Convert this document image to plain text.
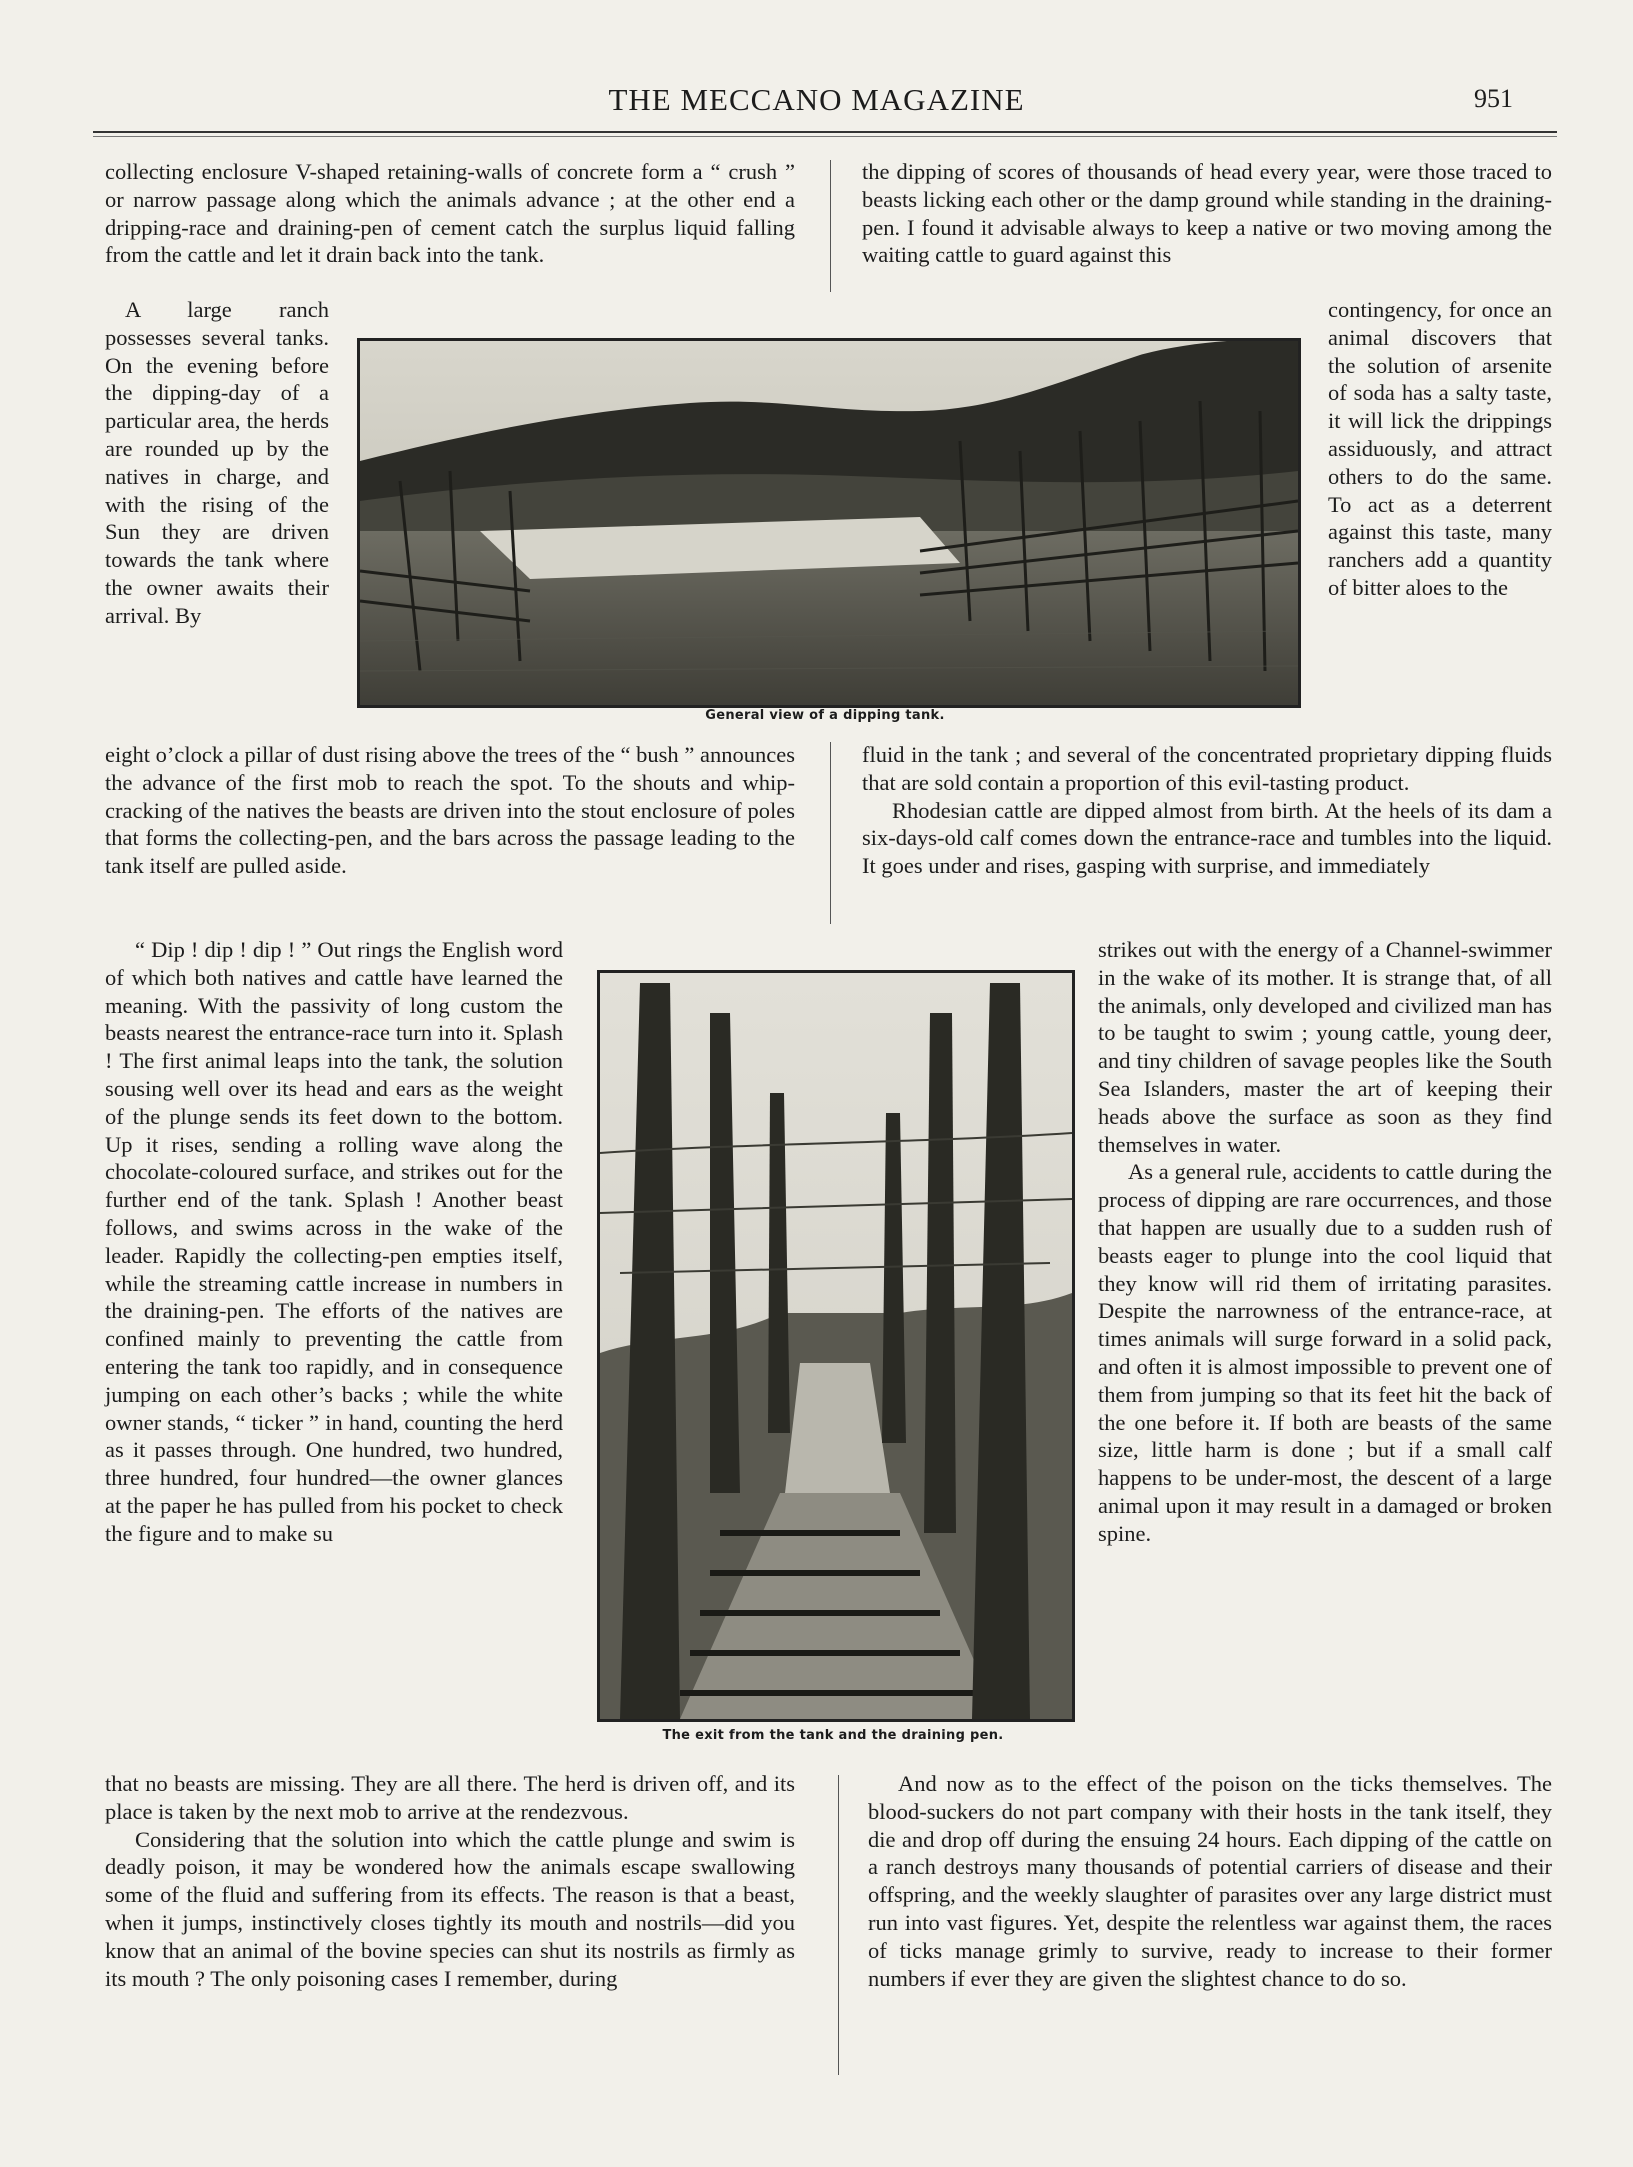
THE MECCANO MAGAZINE	951

collecting enclosure V-shaped retaining-walls of concrete form a “ crush ” or narrow passage along which the animals advance ; at the other end a dripping-race and draining-pen of cement catch the surplus liquid falling from the cattle and let it drain back into the tank.

the dipping of scores of thousands of head every year, were those traced to beasts licking each other or the damp ground while standing in the draining-pen. I found it advisable always to keep a native or two moving among the waiting cattle to guard against this

A large ranch possesses several tanks. On the evening before the dipping-day of a particular area, the herds are rounded up by the natives in charge, and with the rising of the Sun they are driven towards the tank where the owner awaits their arrival. By

contingency, for once an animal discovers that the solution of arsenite of soda has a salty taste, it will lick the drippings assiduously, and attract others to do the same. To act as a deterrent against this taste, many ranchers add a quantity of bitter aloes to the

General view of a dipping tank.

eight o’clock a pillar of dust rising above the trees of the “ bush ” announces the advance of the first mob to reach the spot. To the shouts and whip-cracking of the natives the beasts are driven into the stout enclosure of poles that forms the collecting-pen, and the bars across the passage leading to the tank itself are pulled aside.

fluid in the tank ; and several of the concentrated proprietary dipping fluids that are sold contain a proportion of this evil-tasting product.

Rhodesian cattle are dipped almost from birth. At the heels of its dam a six-days-old calf comes down the entrance-race and tumbles into the liquid. It goes under and rises, gasping with surprise, and immediately

“ Dip ! dip ! dip ! ” Out rings the English word of which both natives and cattle have learned the meaning. With the passivity of long custom the beasts nearest the entrance-race turn into it. Splash ! The first animal leaps into the tank, the solution sousing well over its head and ears as the weight of the plunge sends its feet down to the bottom. Up it rises, sending a rolling wave along the chocolate-coloured surface, and strikes out for the further end of the tank. Splash ! Another beast follows, and swims across in the wake of the leader. Rapidly the collecting-pen empties itself, while the streaming cattle increase in numbers in the draining-pen. The efforts of the natives are confined mainly to preventing the cattle from entering the tank too rapidly, and in consequence jumping on each other’s backs ; while the white owner stands, “ ticker ” in hand, counting the herd as it passes through. One hundred, two hundred, three hundred, four hundred—the owner glances at the paper he has pulled from his pocket to check the figure and to make su

strikes out with the energy of a Channel-swimmer in the wake of its mother. It is strange that, of all the animals, only developed and civilized man has to be taught to swim ; young cattle, young deer, and tiny children of savage peoples like the South Sea Islanders, master the art of keeping their heads above the surface as soon as they find themselves in water.

As a general rule, accidents to cattle during the process of dipping are rare occurrences, and those that happen are usually due to a sudden rush of beasts eager to plunge into the cool liquid that they know will rid them of irritating parasites. Despite the narrowness of the entrance-race, at times animals will surge forward in a solid pack, and often it is almost impossible to prevent one of them from jumping so that its feet hit the back of the one before it. If both are beasts of the same size, little harm is done ; but if a small calf happens to be under-most, the descent of a large animal upon it may result in a damaged or broken spine.

The exit from the tank and the draining pen.

that no beasts are missing. They are all there. The herd is driven off, and its place is taken by the next mob to arrive at the rendezvous.

Considering that the solution into which the cattle plunge and swim is deadly poison, it may be wondered how the animals escape swallowing some of the fluid and suffering from its effects. The reason is that a beast, when it jumps, instinctively closes tightly its mouth and nostrils—did you know that an animal of the bovine species can shut its nostrils as firmly as its mouth ? The only poisoning cases I remember, during

And now as to the effect of the poison on the ticks themselves. The blood-suckers do not part company with their hosts in the tank itself, they die and drop off during the ensuing 24 hours. Each dipping of the cattle on a ranch destroys many thousands of potential carriers of disease and their offspring, and the weekly slaughter of parasites over any large district must run into vast figures. Yet, despite the relentless war against them, the races of ticks manage grimly to survive, ready to increase to their former numbers if ever they are given the slightest chance to do so.
